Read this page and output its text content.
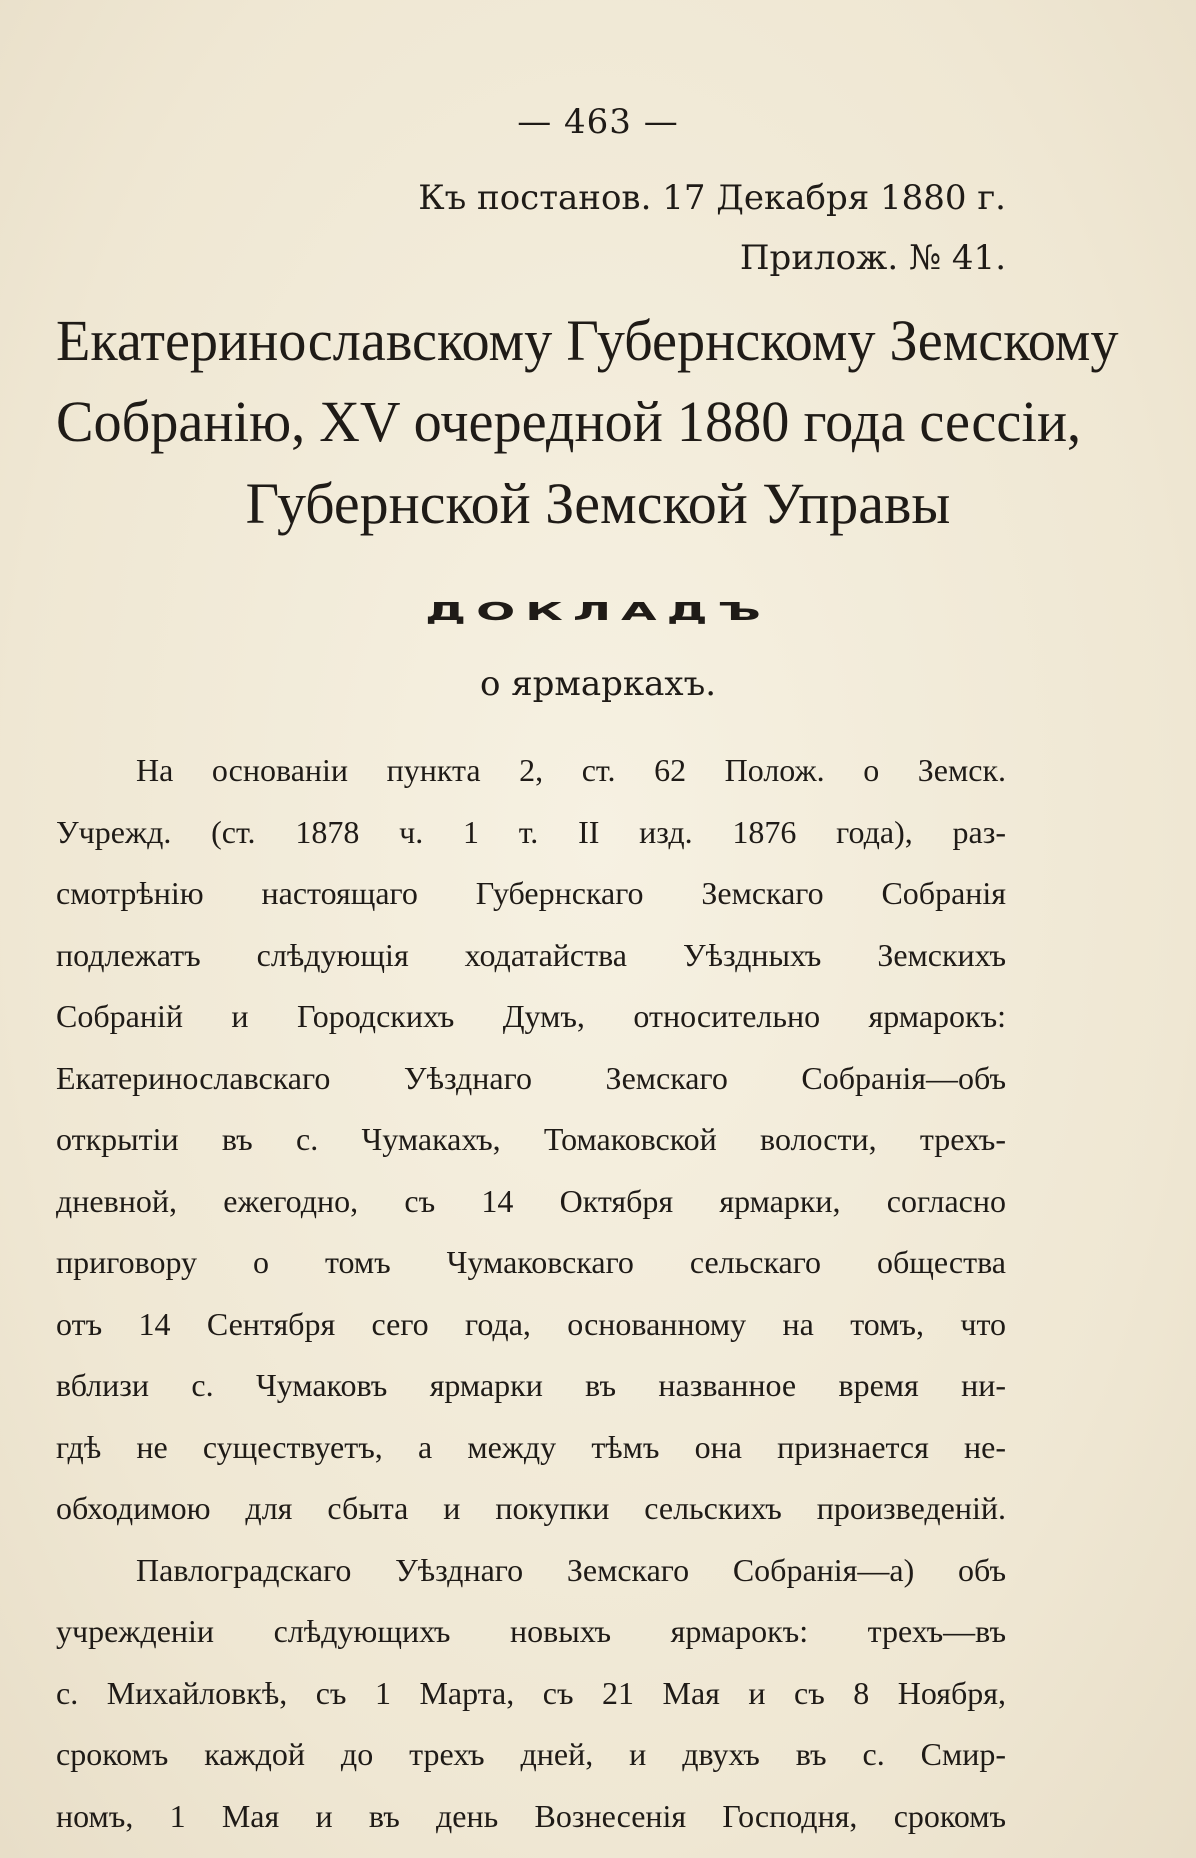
— 463 —
Къ постанов. 17 Декабря 1880 г.
Прилож. № 41.
Екатеринославскому Губернскому Земскому
Собранію, XV очередной 1880 года сессіи,
Губернской Земской Управы
ДОКЛАДЪ
о ярмаркахъ.
На основаніи пункта 2, ст. 62 Полож. о Земск.
Учрежд. (ст. 1878 ч. 1 т. II изд. 1876 года), раз-
смотрѣнію настоящаго Губернскаго Земскаго Собранія
подлежатъ слѣдующія ходатайства Уѣздныхъ Земскихъ
Собраній и Городскихъ Думъ, относительно ярмарокъ:
Екатеринославскаго Уѣзднаго Земскаго Собранія—объ
открытіи въ с. Чумакахъ, Томаковской волости, трехъ-
дневной, ежегодно, съ 14 Октября ярмарки, согласно
приговору о томъ Чумаковскаго сельскаго общества
отъ 14 Сентября сего года, основанному на томъ, что
вблизи с. Чумаковъ ярмарки въ названное время ни-
гдѣ не существуетъ, а между тѣмъ она признается не-
обходимою для сбыта и покупки сельскихъ произведеній.
Павлоградскаго Уѣзднаго Земскаго Собранія—а) объ
учрежденіи слѣдующихъ новыхъ ярмарокъ: трехъ—въ
с. Михайловкѣ, съ 1 Марта, съ 21 Мая и съ 8 Ноября,
срокомъ каждой до трехъ дней, и двухъ въ с. Смир-
номъ, 1 Мая и въ день Вознесенія Господня, срокомъ
